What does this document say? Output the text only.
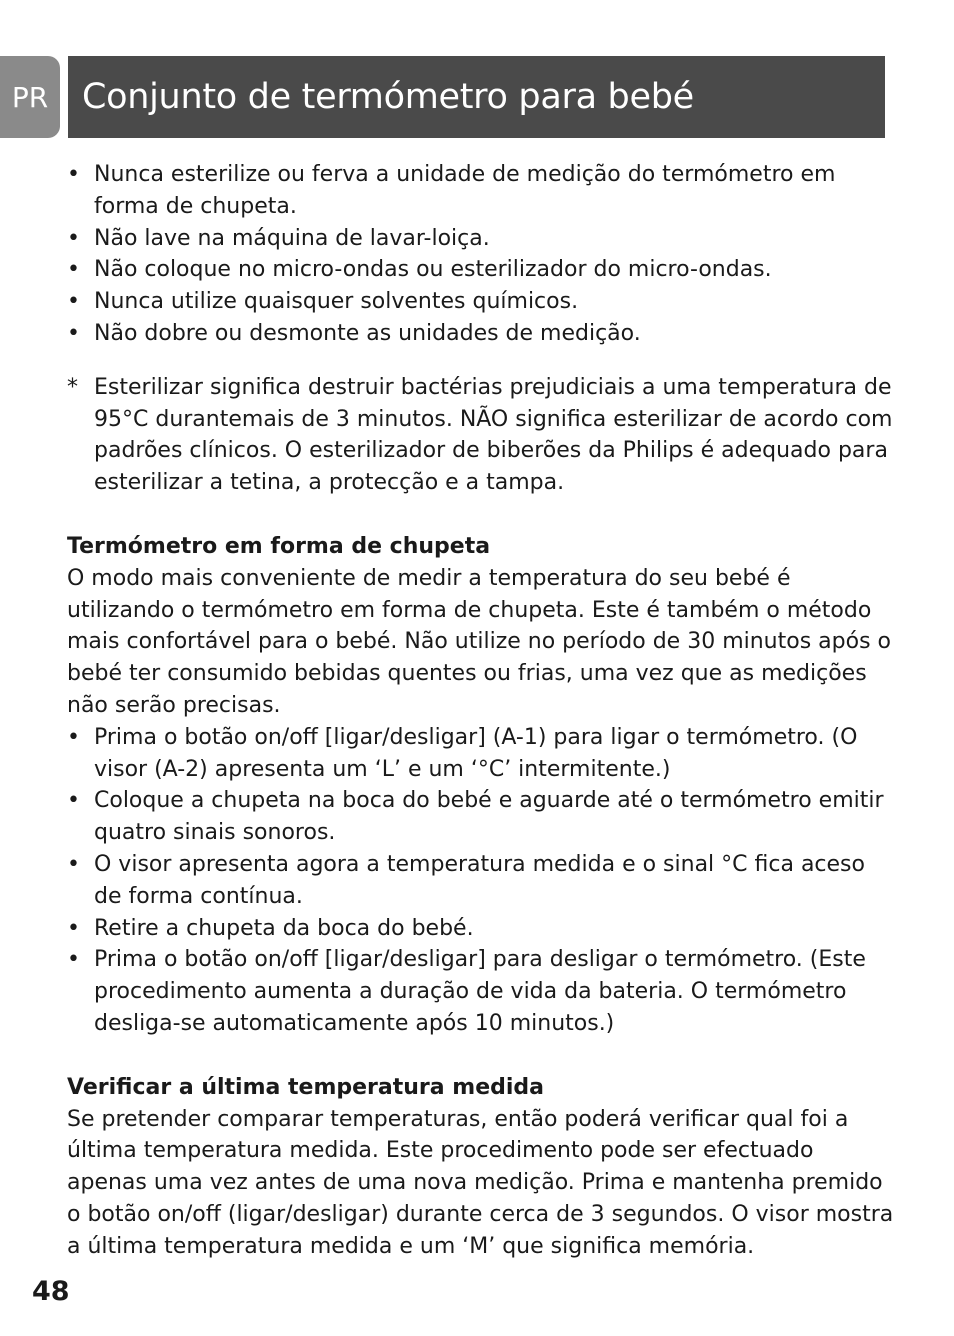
PR Conjunto de termómetro para bebé
• Nunca esterilize ou ferva a unidade de medição do termómetro em forma de chupeta.
• Não lave na máquina de lavar-loiça.
• Não coloque no micro-ondas ou esterilizador do micro-ondas.
• Nunca utilize quaisquer solventes químicos.
• Não dobre ou desmonte as unidades de medição.
* Esterilizar significa destruir bactérias prejudiciais a uma temperatura de 95°C durantemais de 3 minutos. NÃO significa esterilizar de acordo com padrões clínicos. O esterilizador de biberões da Philips é adequado para esterilizar a tetina, a protecção e a tampa.
Termómetro em forma de chupeta

O modo mais conveniente de medir a temperatura do seu bebé é utilizando o termómetro em forma de chupeta. Este é também o método mais confortável para o bebé. Não utilize no período de 30 minutos após o bebé ter consumido bebidas quentes ou frias, uma vez que as medições não serão precisas.

• Prima o botão on/off [ligar/desligar] (A-1) para ligar o termómetro. (O visor (A-2) apresenta um ‘L’ e um ‘°C’ intermitente.)
• Coloque a chupeta na boca do bebé e aguarde até o termómetro emitir quatro sinais sonoros.
• O visor apresenta agora a temperatura medida e o sinal °C fica aceso de forma contínua.
• Retire a chupeta da boca do bebé.
• Prima o botão on/off [ligar/desligar] para desligar o termómetro. (Este procedimento aumenta a duração de vida da bateria. O termómetro desliga-se automaticamente após 10 minutos.)
Verificar a última temperatura medida

Se pretender comparar temperaturas, então poderá verificar qual foi a última temperatura medida. Este procedimento pode ser efectuado apenas uma vez antes de uma nova medição. Prima e mantenha premido o botão on/off (ligar/desligar) durante cerca de 3 segundos. O visor mostra a última temperatura medida e um ‘M’ que significa memória.

48
